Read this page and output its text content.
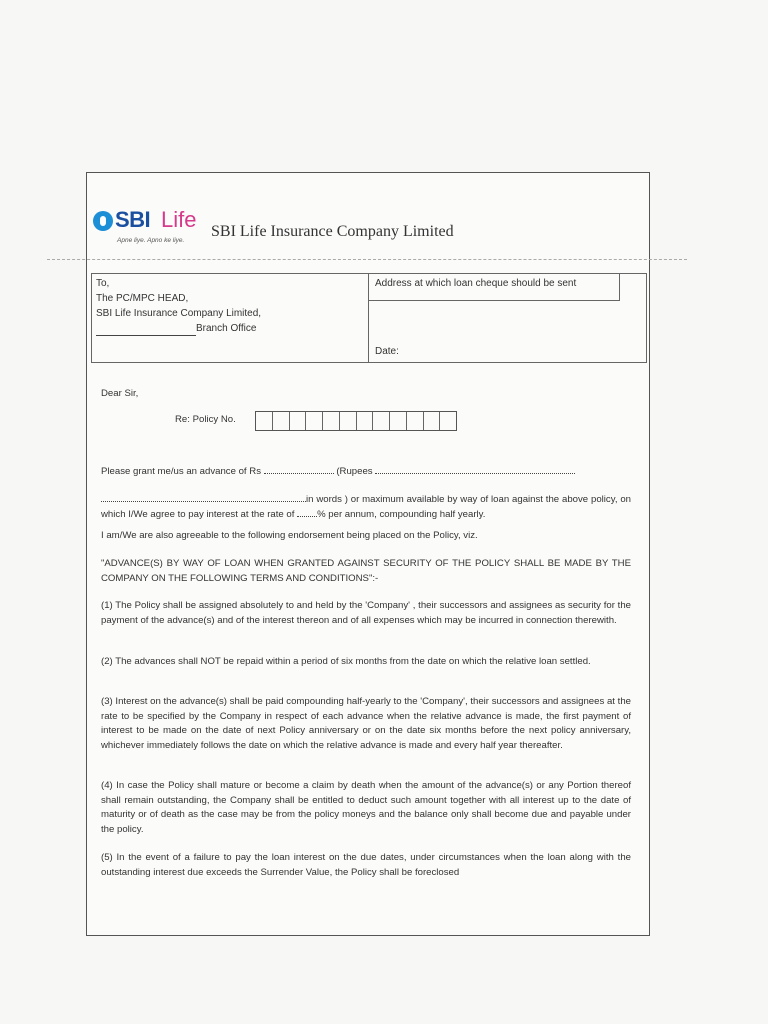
SBI Life
Apne liye. Apno ke liye.
SBI Life Insurance Company Limited
To,
The PC/MPC HEAD,
SBI Life Insurance Company Limited,
Branch Office
Address at which loan cheque should be sent
Date:
Dear Sir,
Re: Policy No.
Please grant me/us an advance of Rs	(Rupees
in words ) or maximum available by way of loan against the above policy, on which I/We agree to pay interest at the rate of % per annum, compounding half yearly.
I am/We are also agreeable to the following endorsement being placed on the Policy, viz.
"ADVANCE(S) BY WAY OF LOAN WHEN GRANTED AGAINST SECURITY OF THE POLICY SHALL BE MADE BY THE COMPANY ON THE FOLLOWING TERMS AND CONDITIONS":-
(1) The Policy shall be assigned absolutely to and held by the 'Company' , their successors and assignees as security for the payment of the advance(s) and of the interest thereon and of all expenses which may be incurred in connection therewith.
(2) The advances shall NOT be repaid within a period of six months from the date on which the relative loan settled.
(3) Interest on the advance(s) shall be paid compounding half-yearly to the 'Company', their successors and assignees at the rate to be specified by the Company in respect of each advance when the relative advance is made, the first payment of interest to be made on the date of next Policy anniversary or on the date six months before the next policy anniversary, whichever immediately follows the date on which the relative advance is made and every half year thereafter.
(4) In case the Policy shall mature or become a claim by death when the amount of the advance(s) or any Portion thereof shall remain outstanding, the Company shall be entitled to deduct such amount together with all interest up to the date of maturity or of death as the case may be from the policy moneys and the balance only shall become due and payable under the policy.
(5) In the event of a failure to pay the loan interest on the due dates, under circumstances when the loan along with the outstanding interest due exceeds the Surrender Value, the Policy shall be foreclosed
